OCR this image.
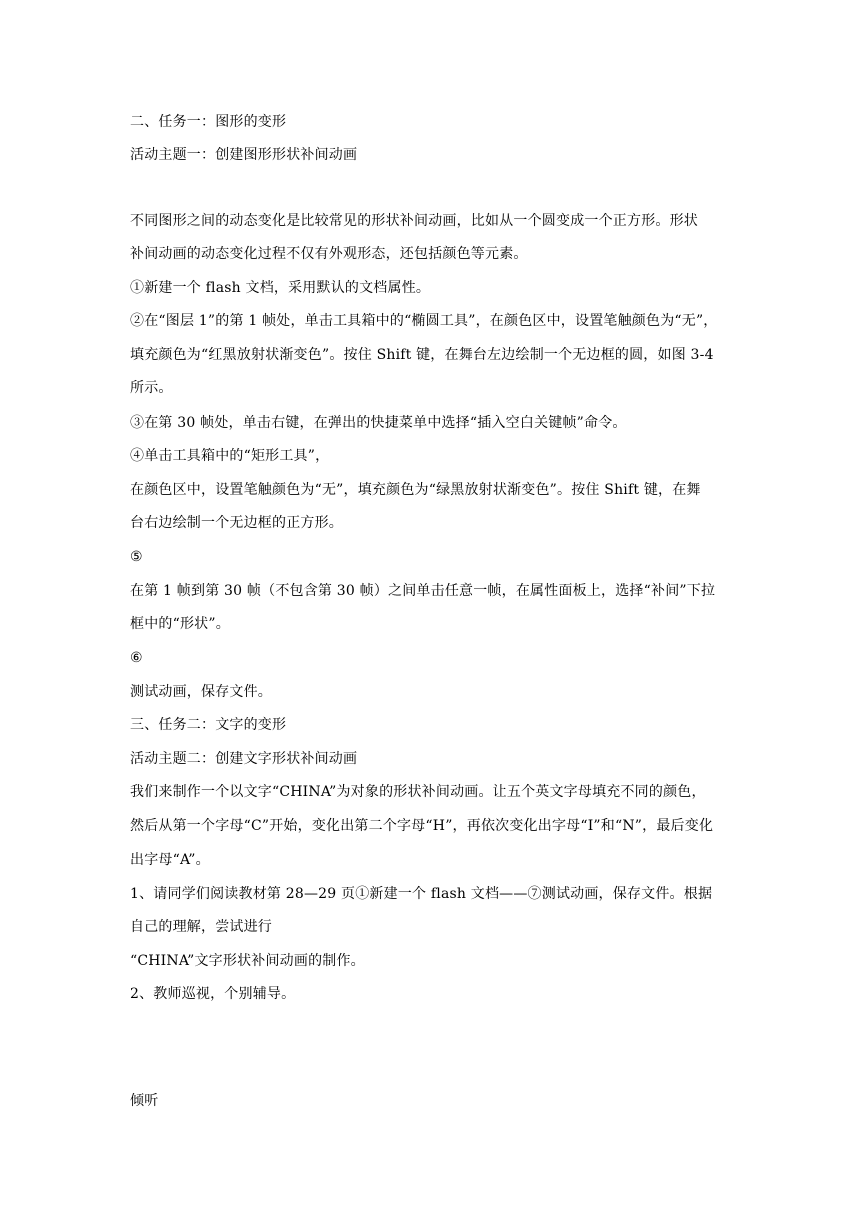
二、任务一：图形的变形
活动主题一：创建图形形状补间动画
不同图形之间的动态变化是比较常见的形状补间动画，比如从一个圆变成一个正方形。形状
补间动画的动态变化过程不仅有外观形态，还包括颜色等元素。
①新建一个 flash 文档，采用默认的文档属性。
②在“图层 1”的第 1 帧处，单击工具箱中的“椭圆工具”，在颜色区中，设置笔触颜色为“无”，
填充颜色为“红黑放射状渐变色”。按住 Shift 键，在舞台左边绘制一个无边框的圆，如图 3-4
所示。
③在第 30 帧处，单击右键，在弹出的快捷菜单中选择“插入空白关键帧”命令。
④单击工具箱中的“矩形工具”，
在颜色区中，设置笔触颜色为“无”，填充颜色为“绿黑放射状渐变色”。按住 Shift 键，在舞
台右边绘制一个无边框的正方形。
⑤
在第 1 帧到第 30 帧（不包含第 30 帧）之间单击任意一帧，在属性面板上，选择“补间”下拉
框中的“形状”。
⑥
测试动画，保存文件。
三、任务二：文字的变形
活动主题二：创建文字形状补间动画
我们来制作一个以文字“CHINA”为对象的形状补间动画。让五个英文字母填充不同的颜色，
然后从第一个字母“C”开始，变化出第二个字母“H”，再依次变化出字母“I”和“N”，最后变化
出字母“A”。
1、请同学们阅读教材第 28—29 页①新建一个 flash 文档——⑦测试动画，保存文件。根据
自己的理解，尝试进行
“CHINA”文字形状补间动画的制作。
2、教师巡视，个别辅导。
倾听
